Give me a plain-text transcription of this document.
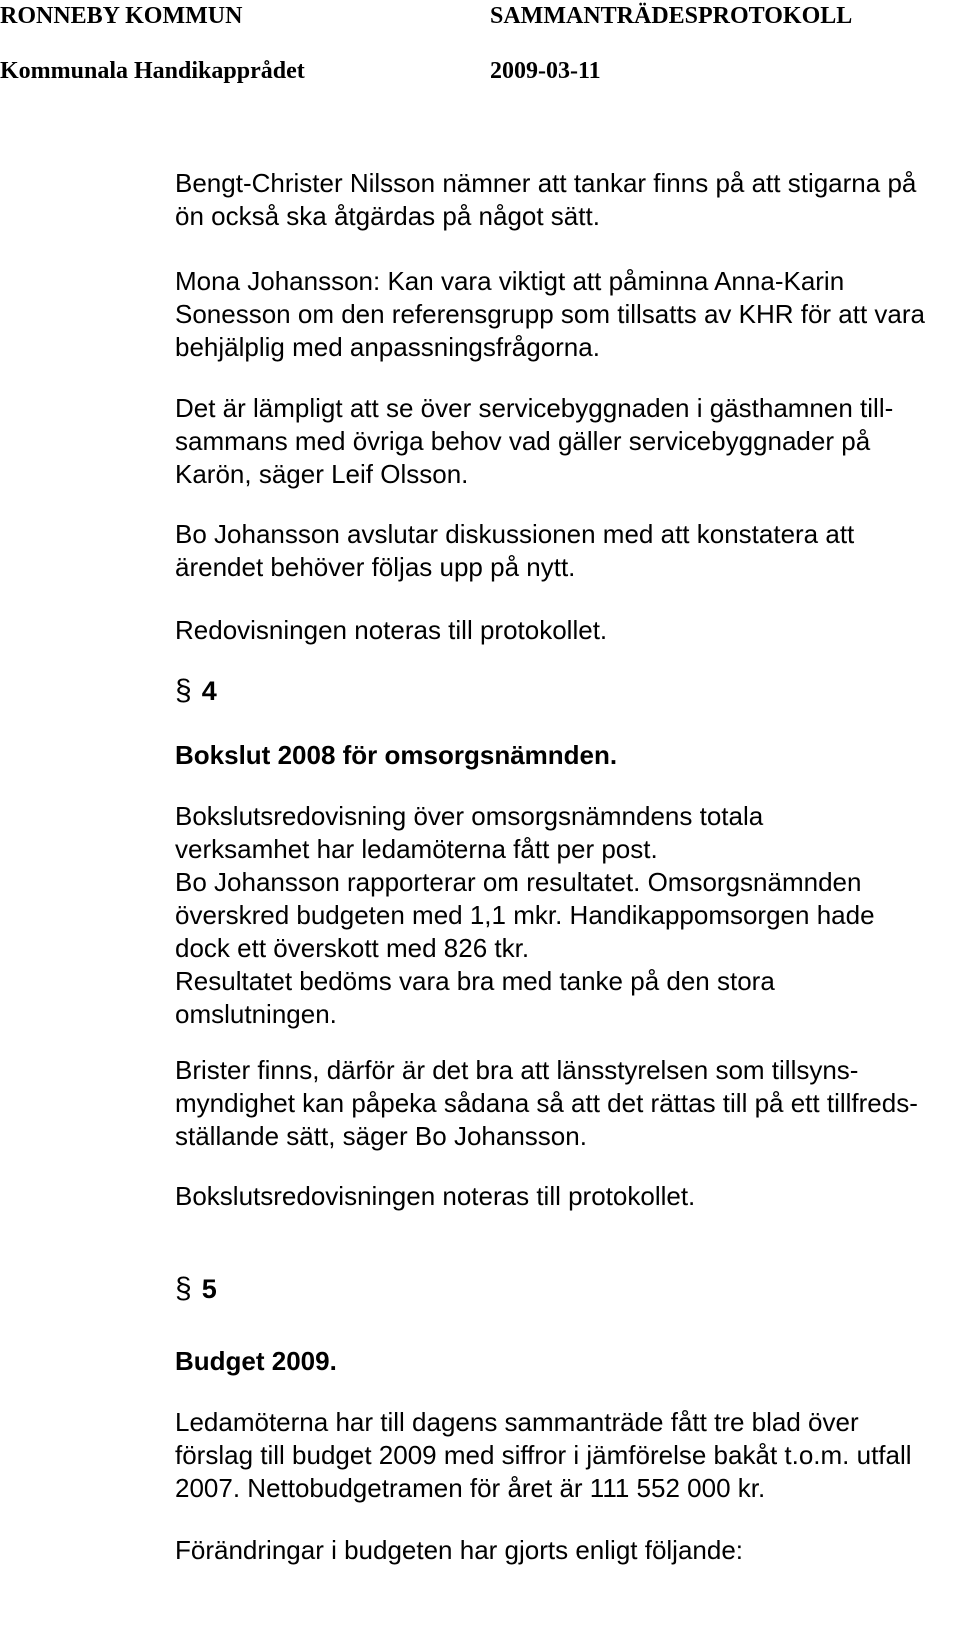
RONNEBY KOMMUN	SAMMANTRÄDESPROTOKOLL
Kommunala Handikapprådet	2009-03-11

Bengt-Christer Nilsson nämner att tankar finns på att stigarna på ön också ska åtgärdas på något sätt.

Mona Johansson: Kan vara viktigt att påminna Anna-Karin Sonesson om den referensgrupp som tillsatts av KHR för att vara behjälplig med anpassningsfrågorna.

Det är lämpligt att se över servicebyggnaden i gästhamnen till-sammans med övriga behov vad gäller servicebyggnader på Karön, säger Leif Olsson.

Bo Johansson avslutar diskussionen med att konstatera att ärendet behöver följas upp på nytt.

Redovisningen noteras till protokollet.

§ 4
Bokslut 2008 för omsorgsnämnden.
Bokslutsredovisning över omsorgsnämndens totala
verksamhet har ledamöterna fått per post.
Bo Johansson rapporterar om resultatet. Omsorgsnämnden
överskred budgeten med 1,1 mkr. Handikappomsorgen hade
dock ett överskott med 826 tkr.
Resultatet bedöms vara bra med tanke på den stora
omslutningen.

Brister finns, därför är det bra att länsstyrelsen som tillsyns-myndighet kan påpeka sådana så att det rättas till på ett tillfreds-ställande sätt, säger Bo Johansson.

Bokslutsredovisningen noteras till protokollet.

§ 5
Budget 2009.

Ledamöterna har till dagens sammanträde fått tre blad över förslag till budget 2009 med siffror i jämförelse bakåt t.o.m. utfall 2007. Nettobudgetramen för året är 111 552 000 kr.

Förändringar i budgeten har gjorts enligt följande:
